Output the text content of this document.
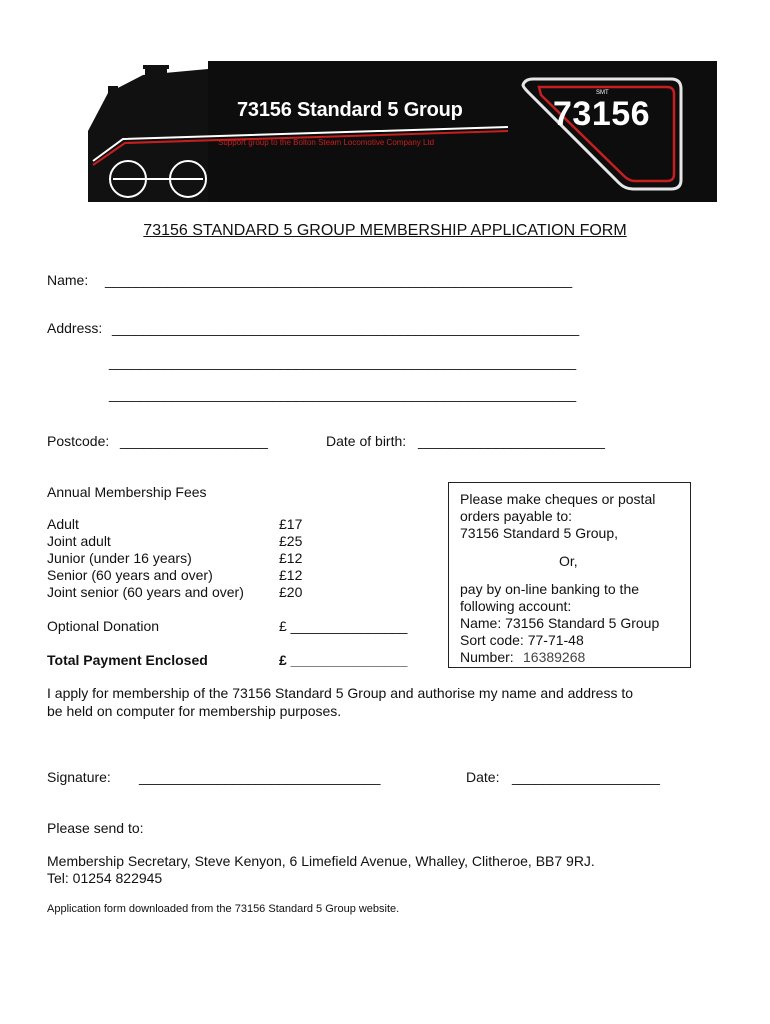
73156 Standard 5 Group
Support group to the Bolton Steam Locomotive Company Ltd
SMT
73156
73156 STANDARD 5 GROUP MEMBERSHIP APPLICATION FORM
Name: ____________________________________________________________
Address: ____________________________________________________________
____________________________________________________________
____________________________________________________________
Postcode: ___________________	Date of birth: ________________________
Annual Membership Fees
Adult	£17
Joint adult	£25
Junior (under 16 years)	£12
Senior (60 years and over)	£12
Joint senior (60 years and over)	£20
Optional Donation	£ _______________
Total Payment Enclosed	£ _______________
Please make cheques or postal
orders payable to:
73156 Standard 5 Group,
Or,
pay by on-line banking to the
following account:
Name: 73156 Standard 5 Group
Sort code: 77-71-48
Number: 16389268
I apply for membership of the 73156 Standard 5 Group and authorise my name and address to
be held on computer for membership purposes.
Signature: _______________________________	Date: ___________________
Please send to:
Membership Secretary, Steve Kenyon, 6 Limefield Avenue, Whalley, Clitheroe, BB7 9RJ.
Tel: 01254 822945
Application form downloaded from the 73156 Standard 5 Group website.
